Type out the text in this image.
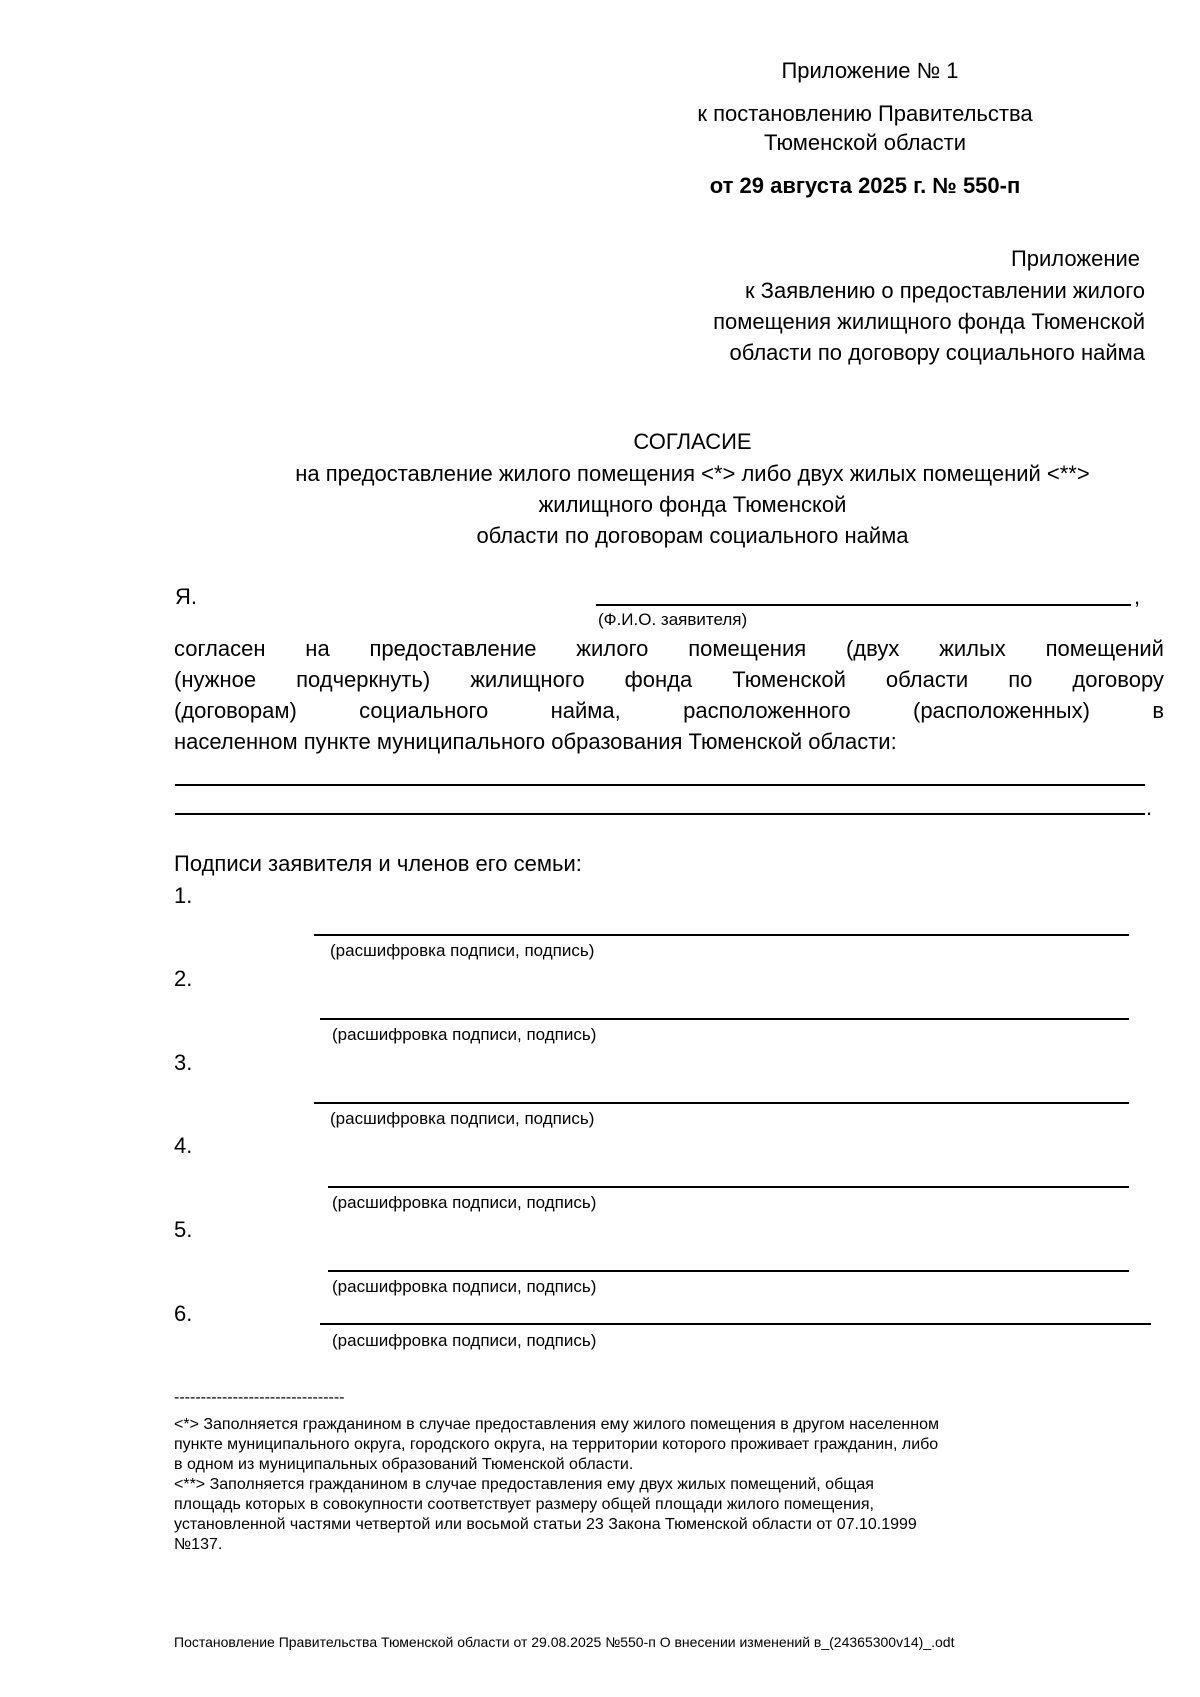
Приложение № 1
к постановлению Правительства
Тюменской области
от 29 августа 2025 г. № 550-п
Приложение
к Заявлению о предоставлении жилого
помещения жилищного фонда Тюменской
области по договору социального найма
СОГЛАСИЕ
на предоставление жилого помещения <*> либо двух жилых помещений <**>
жилищного фонда Тюменской
области по договорам социального найма
Я.	,
(Ф.И.О. заявителя)
согласен на предоставление жилого помещения (двух жилых помещений
(нужное подчеркнуть) жилищного фонда Тюменской области по договору
(договорам)	социального	найма,	расположенного	(расположенных)	в
населенном пункте муниципального образования Тюменской области:
.
Подписи заявителя и членов его семьи:
1.
(расшифровка подписи, подпись)
2.
(расшифровка подписи, подпись)
3.
(расшифровка подписи, подпись)
4.
(расшифровка подписи, подпись)
5.
(расшифровка подписи, подпись)
6.
(расшифровка подписи, подпись)
--------------------------------
<*> Заполняется гражданином в случае предоставления ему жилого помещения в другом населенном
пункте муниципального округа, городского округа, на территории которого проживает гражданин, либо
в одном из муниципальных образований Тюменской области.
<**> Заполняется гражданином в случае предоставления ему двух жилых помещений, общая
площадь которых в совокупности соответствует размеру общей площади жилого помещения,
установленной частями четвертой или восьмой статьи 23 Закона Тюменской области от 07.10.1999
№137.
Постановление Правительства Тюменской области от 29.08.2025 №550-п О внесении изменений в_(24365300v14)_.odt
